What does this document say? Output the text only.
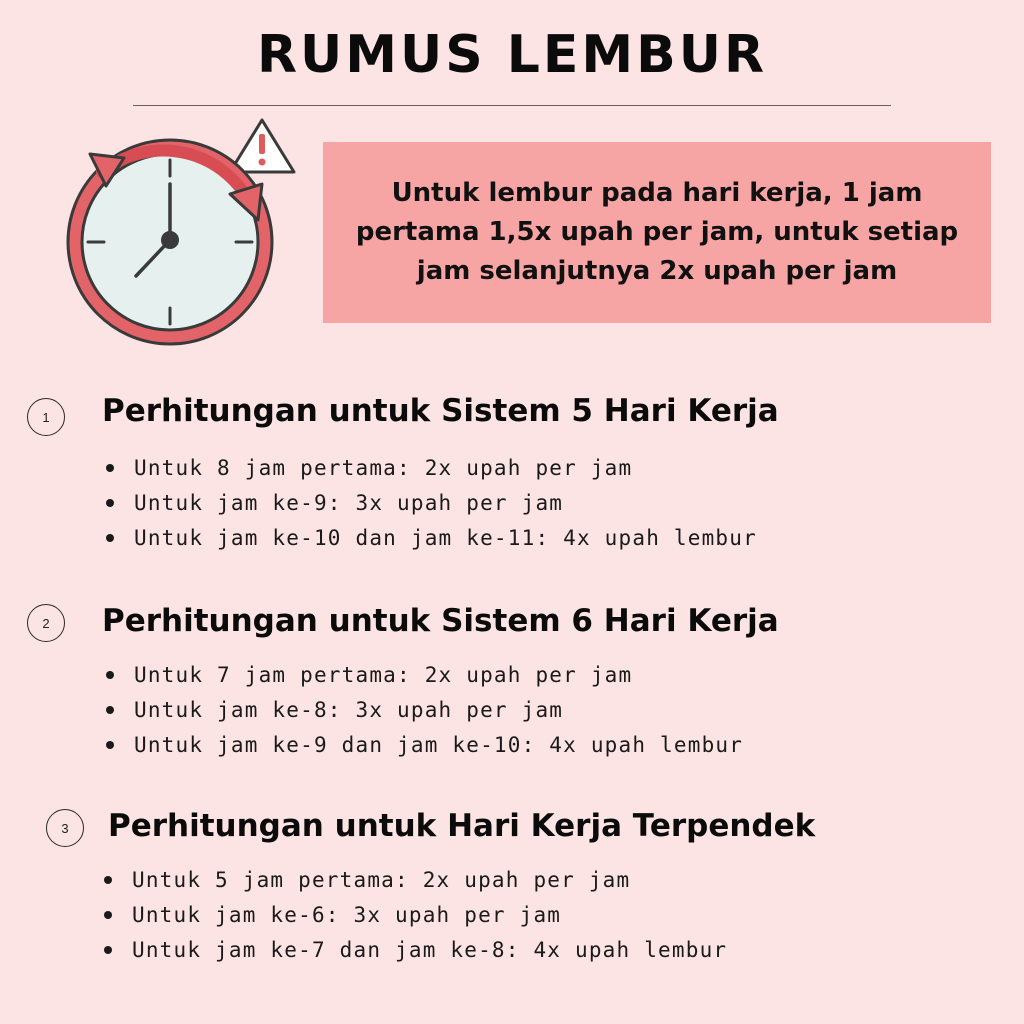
RUMUS LEMBUR

Untuk lembur pada hari kerja, 1 jam pertama 1,5x upah per jam, untuk setiap jam selanjutnya 2x upah per jam

1	Perhitungan untuk Sistem 5 Hari Kerja
Untuk 8 jam pertama: 2x upah per jam
Untuk jam ke-9: 3x upah per jam
Untuk jam ke-10 dan jam ke-11: 4x upah lembur
2	Perhitungan untuk Sistem 6 Hari Kerja
Untuk 7 jam pertama: 2x upah per jam
Untuk jam ke-8: 3x upah per jam
Untuk jam ke-9 dan jam ke-10: 4x upah lembur
3	Perhitungan untuk Hari Kerja Terpendek
Untuk 5 jam pertama: 2x upah per jam
Untuk jam ke-6: 3x upah per jam
Untuk jam ke-7 dan jam ke-8: 4x upah lembur
